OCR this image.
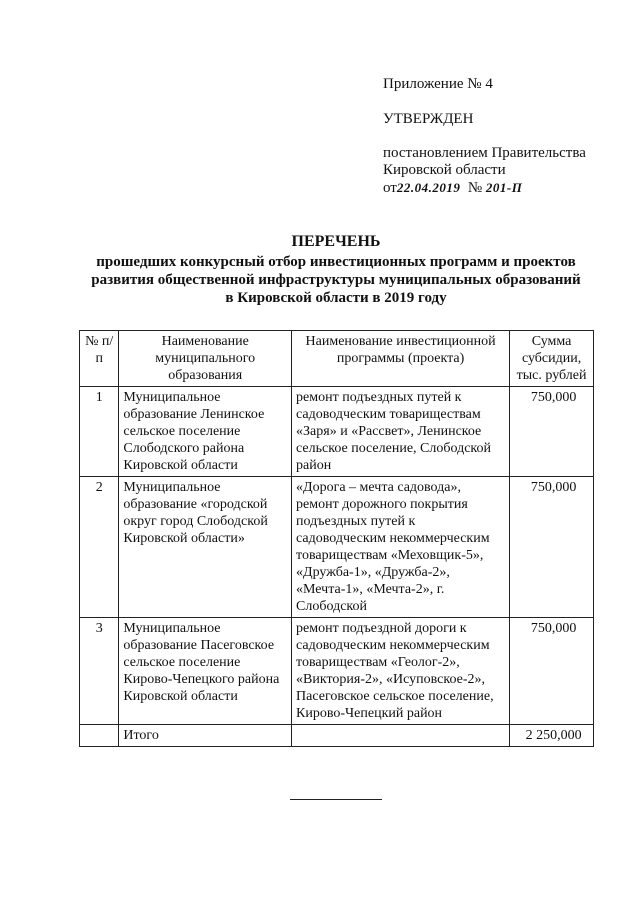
Приложение № 4
УТВЕРЖДЕН
постановлением Правительства
Кировской области
от22.04.2019 № 201-П
ПЕРЕЧЕНЬ
прошедших конкурсный отбор инвестиционных программ и проектов
развития общественной инфраструктуры муниципальных образований
в Кировской области в 2019 году
№ п/п	Наименование муниципального образования	Наименование инвестиционной программы (проекта)	Сумма субсидии, тыс. рублей
1	Муниципальное образование Ленинское сельское поселение Слободского района Кировской области	ремонт подъездных путей к садоводческим товариществам «Заря» и «Рассвет», Ленинское сельское поселение, Слободской район	750,000
2	Муниципальное образование «городской округ город Слободской Кировской области»	«Дорога – мечта садовода», ремонт дорожного покрытия подъездных путей к садоводческим некоммерческим товариществам «Меховщик-5», «Дружба-1», «Дружба-2», «Мечта-1», «Мечта-2», г. Слободской	750,000
3	Муниципальное образование Пасеговское сельское поселение Кирово-Чепецкого района Кировской области	ремонт подъездной дороги к садоводческим некоммерческим товариществам «Геолог-2», «Виктория-2», «Исуповское-2», Пасеговское сельское поселение, Кирово-Чепецкий район	750,000
	Итого		2 250,000
